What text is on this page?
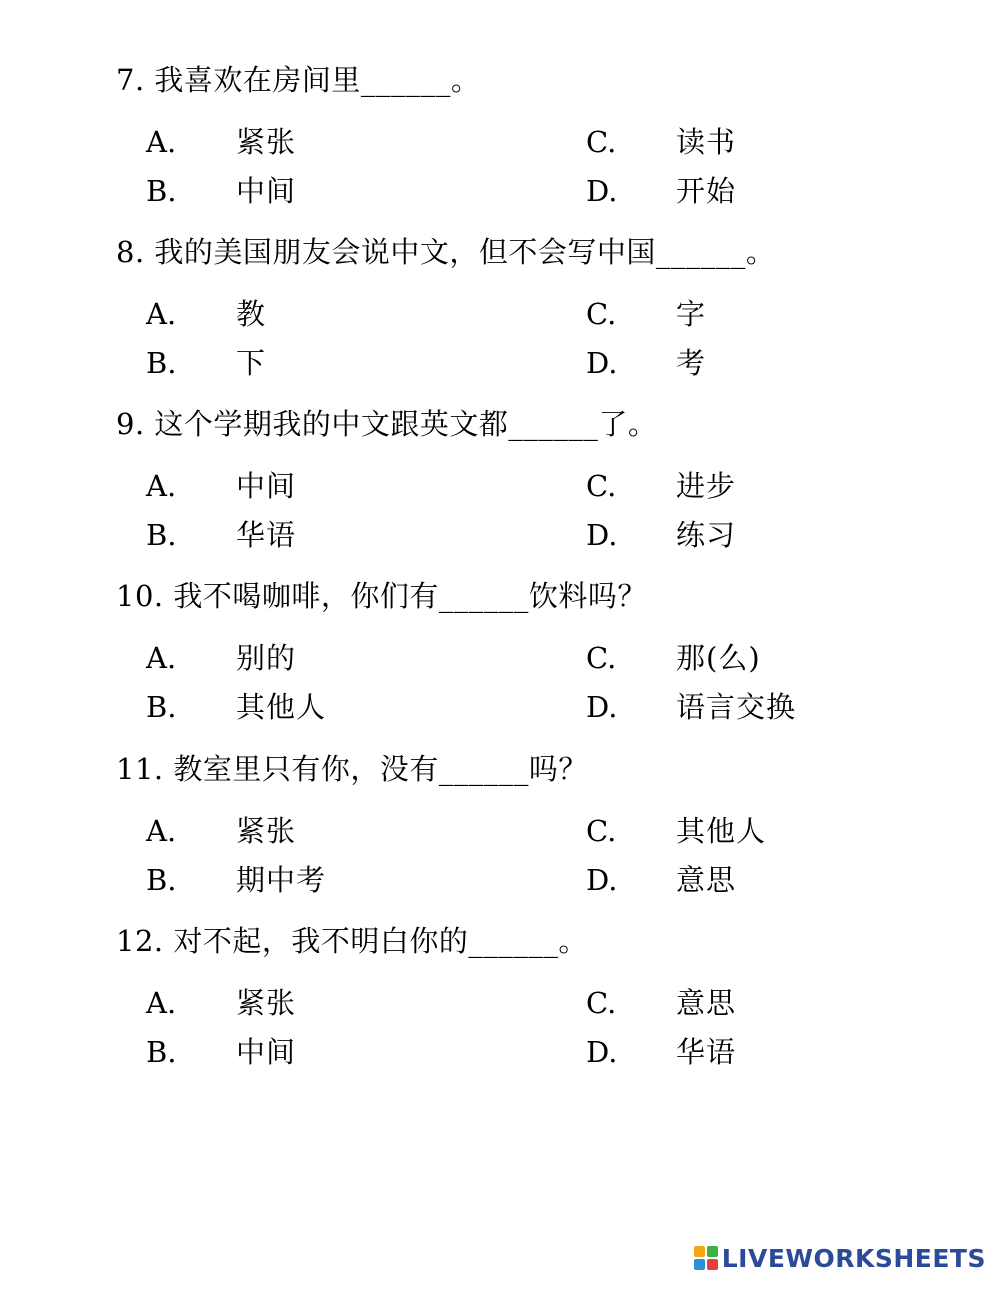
7. 我喜欢在房间里______。
A. 紧张
B. 中间
C. 读书
D. 开始
8. 我的美国朋友会说中文，但不会写中国______。
A. 教
B. 下
C. 字
D. 考
9. 这个学期我的中文跟英文都______了。
A. 中间
B. 华语
C. 进步
D. 练习
10. 我不喝咖啡，你们有______饮料吗？
A. 别的
B. 其他人
C. 那(么)
D. 语言交换
11. 教室里只有你，没有______吗？
A. 紧张
B. 期中考
C. 其他人
D. 意思
12. 对不起，我不明白你的______。
A. 紧张
B. 中间
C. 意思
D. 华语
LIVEWORKSHEETS
